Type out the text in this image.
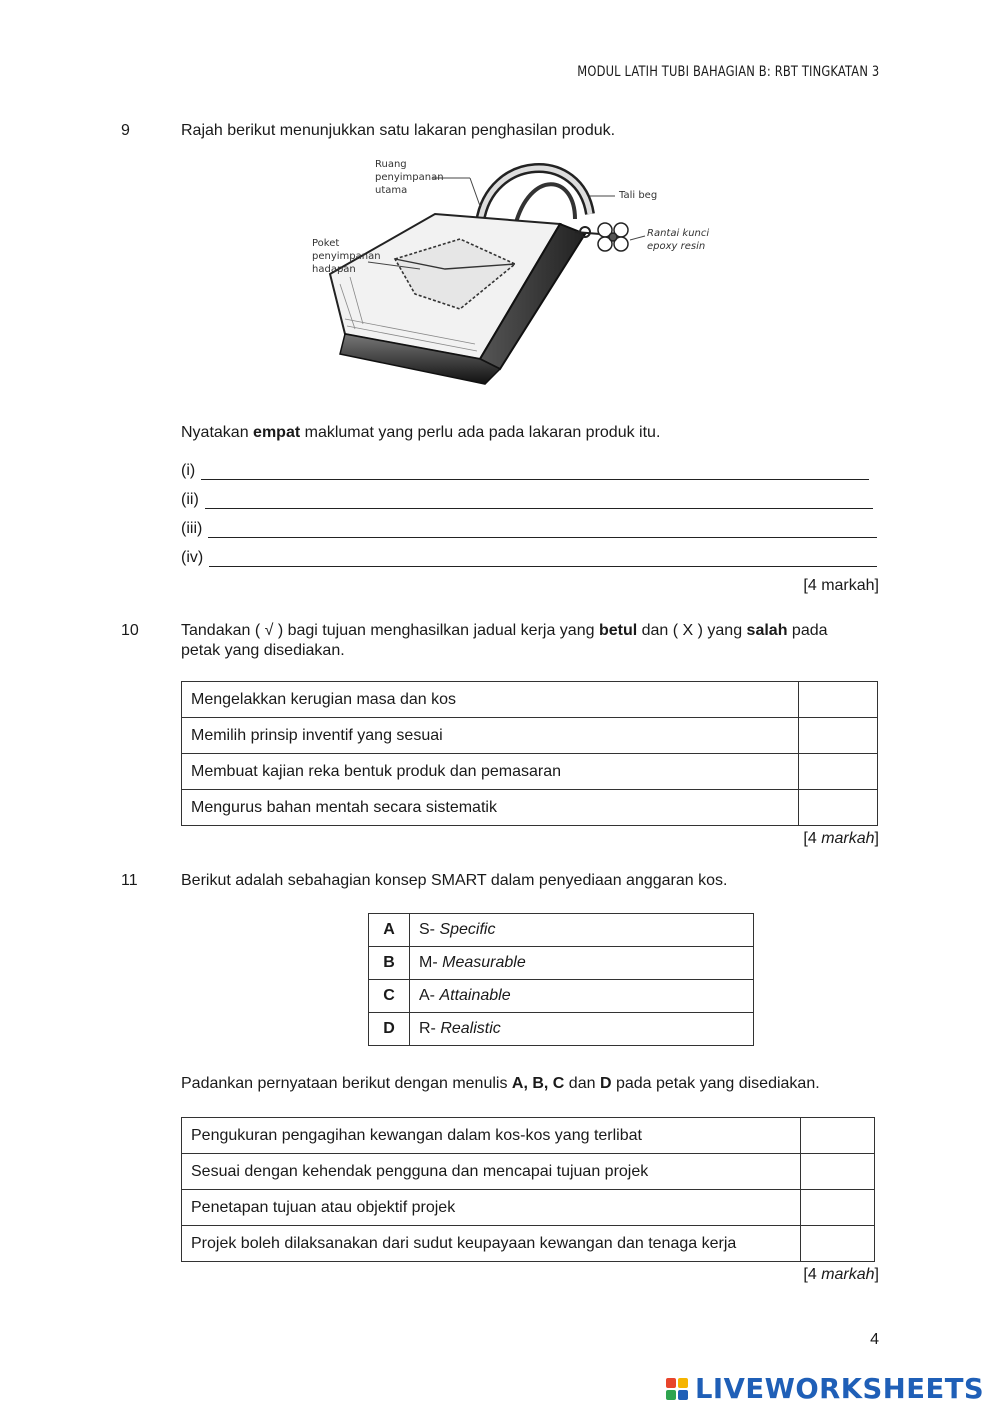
MODUL LATIH TUBI BAHAGIAN B: RBT TINGKATAN 3
9	Rajah berikut menunjukkan satu lakaran penghasilan produk.
Ruang
penyimpanan
utama	Tali beg
Rantai kunci
epoxy resin
Poket
penyimpanan
hadapan
Nyatakan empat maklumat yang perlu ada pada lakaran produk itu.
(i)
(ii)
(iii)
(iv)
[4 markah]
10	Tandakan ( √ ) bagi tujuan menghasilkan jadual kerja yang betul dan ( X ) yang salah pada
petak yang disediakan.
Mengelakkan kerugian masa dan kos	
Memilih prinsip inventif yang sesuai	
Membuat kajian reka bentuk produk dan pemasaran	
Mengurus bahan mentah secara sistematik	
[4 markah]
11	Berikut adalah sebahagian konsep SMART dalam penyediaan anggaran kos.
A	S- Specific
B	M- Measurable
C	A- Attainable
D	R- Realistic
Padankan pernyataan berikut dengan menulis A, B, C dan D pada petak yang disediakan.
Pengukuran pengagihan kewangan dalam kos-kos yang terlibat	
Sesuai dengan kehendak pengguna dan mencapai tujuan projek	
Penetapan tujuan atau objektif projek	
Projek boleh dilaksanakan dari sudut keupayaan kewangan dan tenaga kerja	
[4 markah]
4
LIVEWORKSHEETS
